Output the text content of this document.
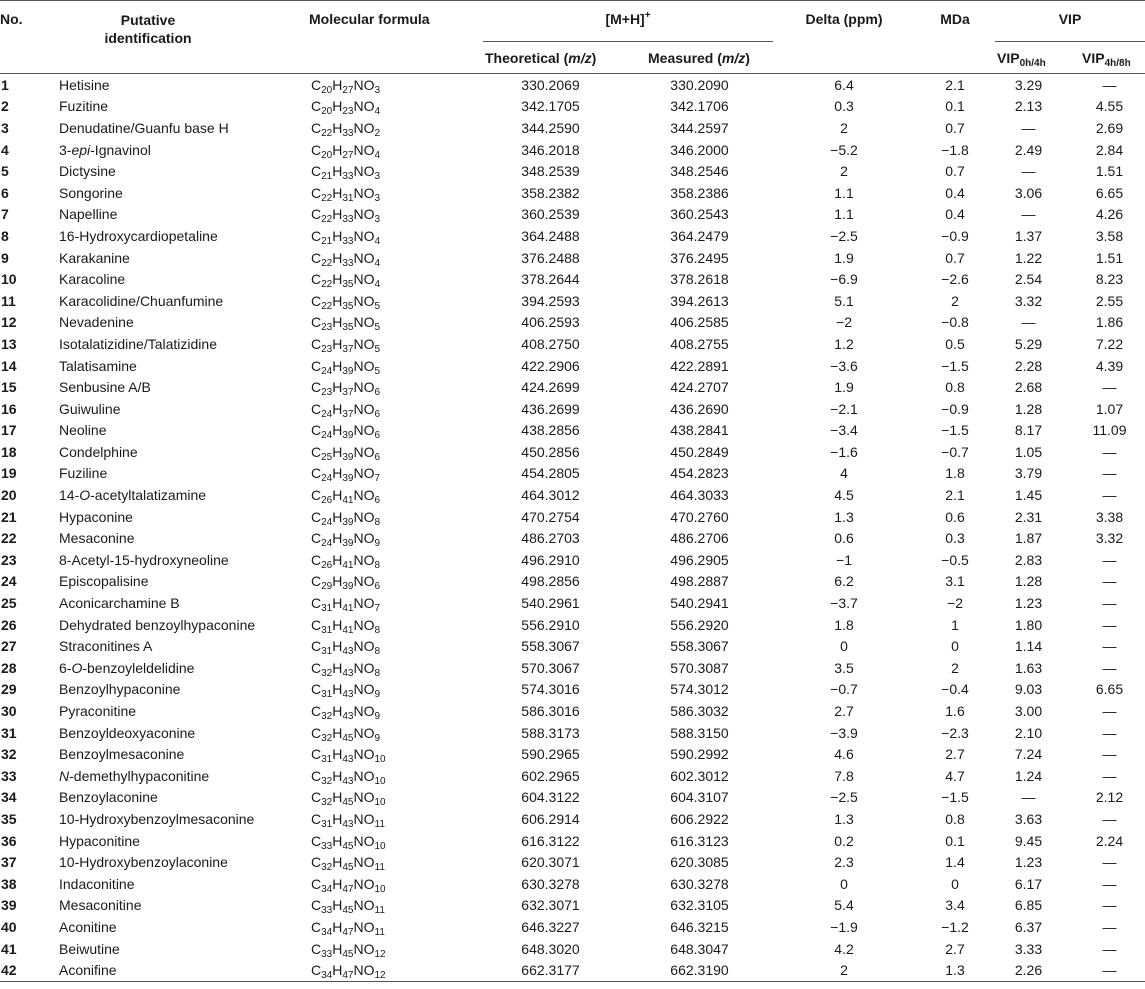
No.	Putative identification	Molecular formula	[M+H]+		Delta (ppm)	MDa	VIP	
			Theoretical (m/z)	Measured (m/z)			$VIP_{0h/4h}$	$VIP_{4h/8h}$
1	Hetisine	$C_{20}H_{27}NO_3$	330.2069	330.2090	6.4	2.1	3.29	—
2	Fuzitine	$C_{20}H_{23}NO_4$	342.1705	342.1706	0.3	0.1	2.13	4.55
3	Denudatine/Guanfu base H	$C_{22}H_{33}NO_2$	344.2590	344.2597	2	0.7	—	2.69
4	3-epi-Ignavinol	$C_{20}H_{27}NO_4$	346.2018	346.2000	−5.2	−1.8	2.49	2.84
5	Dictysine	$C_{21}H_{33}NO_3$	348.2539	348.2546	2	0.7	—	1.51
6	Songorine	$C_{22}H_{31}NO_3$	358.2382	358.2386	1.1	0.4	3.06	6.65
7	Napelline	$C_{22}H_{33}NO_3$	360.2539	360.2543	1.1	0.4	—	4.26
8	16-Hydroxycardiopetaline	$C_{21}H_{33}NO_4$	364.2488	364.2479	−2.5	−0.9	1.37	3.58
9	Karakanine	$C_{22}H_{33}NO_4$	376.2488	376.2495	1.9	0.7	1.22	1.51
10	Karacoline	$C_{22}H_{35}NO_4$	378.2644	378.2618	−6.9	−2.6	2.54	8.23
11	Karacolidine/Chuanfumine	$C_{22}H_{35}NO_5$	394.2593	394.2613	5.1	2	3.32	2.55
12	Nevadenine	$C_{23}H_{35}NO_5$	406.2593	406.2585	−2	−0.8	—	1.86
13	Isotalatizidine/Talatizidine	$C_{23}H_{37}NO_5$	408.2750	408.2755	1.2	0.5	5.29	7.22
14	Talatisamine	$C_{24}H_{39}NO_5$	422.2906	422.2891	−3.6	−1.5	2.28	4.39
15	Senbusine A/B	$C_{23}H_{37}NO_6$	424.2699	424.2707	1.9	0.8	2.68	—
16	Guiwuline	$C_{24}H_{37}NO_6$	436.2699	436.2690	−2.1	−0.9	1.28	1.07
17	Neoline	$C_{24}H_{39}NO_6$	438.2856	438.2841	−3.4	−1.5	8.17	11.09
18	Condelphine	$C_{25}H_{39}NO_6$	450.2856	450.2849	−1.6	−0.7	1.05	—
19	Fuziline	$C_{24}H_{39}NO_7$	454.2805	454.2823	4	1.8	3.79	—
20	14-O-acetyltalatizamine	$C_{26}H_{41}NO_6$	464.3012	464.3033	4.5	2.1	1.45	—
21	Hypaconine	$C_{24}H_{39}NO_8$	470.2754	470.2760	1.3	0.6	2.31	3.38
22	Mesaconine	$C_{24}H_{39}NO_9$	486.2703	486.2706	0.6	0.3	1.87	3.32
23	8-Acetyl-15-hydroxyneoline	$C_{26}H_{41}NO_8$	496.2910	496.2905	−1	−0.5	2.83	—
24	Episcopalisine	$C_{29}H_{39}NO_6$	498.2856	498.2887	6.2	3.1	1.28	—
25	Aconicarchamine B	$C_{31}H_{41}NO_7$	540.2961	540.2941	−3.7	−2	1.23	—
26	Dehydrated benzoylhypaconine	$C_{31}H_{41}NO_8$	556.2910	556.2920	1.8	1	1.80	—
27	Straconitines A	$C_{31}H_{43}NO_8$	558.3067	558.3067	0	0	1.14	—
28	6-O-benzoyleldelidine	$C_{32}H_{43}NO_8$	570.3067	570.3087	3.5	2	1.63	—
29	Benzoylhypaconine	$C_{31}H_{43}NO_9$	574.3016	574.3012	−0.7	−0.4	9.03	6.65
30	Pyraconitine	$C_{32}H_{43}NO_9$	586.3016	586.3032	2.7	1.6	3.00	—
31	Benzoyldeoxyaconine	$C_{32}H_{45}NO_9$	588.3173	588.3150	−3.9	−2.3	2.10	—
32	Benzoylmesaconine	$C_{31}H_{43}NO_{10}$	590.2965	590.2992	4.6	2.7	7.24	—
33	N-demethylhypaconitine	$C_{32}H_{43}NO_{10}$	602.2965	602.3012	7.8	4.7	1.24	—
34	Benzoylaconine	$C_{32}H_{45}NO_{10}$	604.3122	604.3107	−2.5	−1.5	—	2.12
35	10-Hydroxybenzoylmesaconine	$C_{31}H_{43}NO_{11}$	606.2914	606.2922	1.3	0.8	3.63	—
36	Hypaconitine	$C_{33}H_{45}NO_{10}$	616.3122	616.3123	0.2	0.1	9.45	2.24
37	10-Hydroxybenzoylaconine	$C_{32}H_{45}NO_{11}$	620.3071	620.3085	2.3	1.4	1.23	—
38	Indaconitine	$C_{34}H_{47}NO_{10}$	630.3278	630.3278	0	0	6.17	—
39	Mesaconitine	$C_{33}H_{45}NO_{11}$	632.3071	632.3105	5.4	3.4	6.85	—
40	Aconitine	$C_{34}H_{47}NO_{11}$	646.3227	646.3215	−1.9	−1.2	6.37	—
41	Beiwutine	$C_{33}H_{45}NO_{12}$	648.3020	648.3047	4.2	2.7	3.33	—
42	Aconifine	$C_{34}H_{47}NO_{12}$	662.3177	662.3190	2	1.3	2.26	—
